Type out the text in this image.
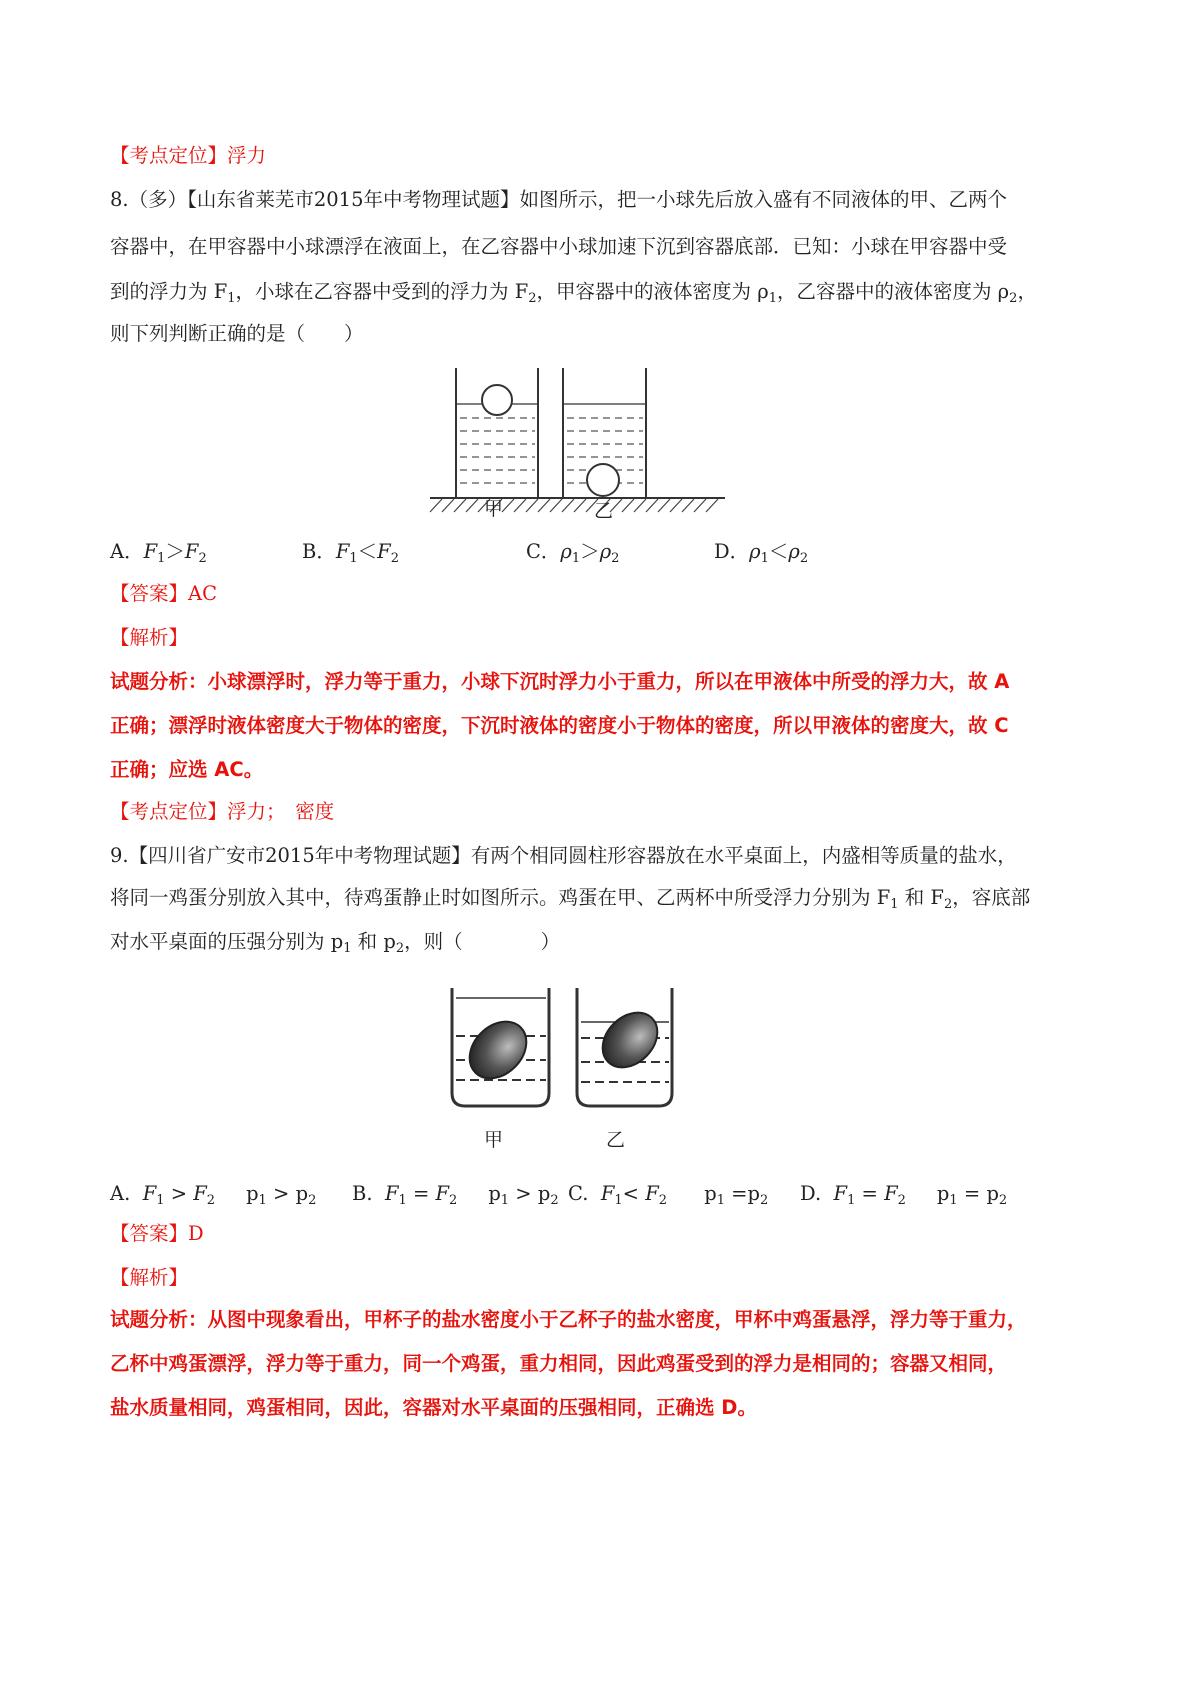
【考点定位】浮力
8.（多）【山东省莱芜市2015年中考物理试题】如图所示，把一小球先后放入盛有不同液体的甲、乙两个
容器中，在甲容器中小球漂浮在液面上，在乙容器中小球加速下沉到容器底部．已知：小球在甲容器中受
到的浮力为 $F_1$，小球在乙容器中受到的浮力为 $F_2$，甲容器中的液体密度为 $\rho_1$，乙容器中的液体密度为 $\rho_2$，
则下列判断正确的是（　　）
甲	乙
A．$F_1>F_2$	B．$F_1<F_2$	C．$\rho_1>\rho_2$	D．$\rho_1<\rho_2$
【答案】AC
【解析】
试题分析：小球漂浮时，浮力等于重力，小球下沉时浮力小于重力，所以在甲液体中所受的浮力大，故 A
正确；漂浮时液体密度大于物体的密度，下沉时液体的密度小于物体的密度，所以甲液体的密度大，故 C
正确；应选 AC。
【考点定位】浮力；　密度
9.【四川省广安市2015年中考物理试题】有两个相同圆柱形容器放在水平桌面上，内盛相等质量的盐水，
将同一鸡蛋分别放入其中，待鸡蛋静止时如图所示。鸡蛋在甲、乙两杯中所受浮力分别为 $F_1$ 和 $F_2$，容底部
对水平桌面的压强分别为 $p_1$ 和 $p_2$，则（　　　　）
甲	乙
A. $F_1 > F_2$ $p_1 > p_2$ B. $F_1 = F_2$ $p_1 > p_2$ C. $F_1< F_2$ $p_1 =p_2$ D. $F_1 = F_2$ $p_1 = p_2$
【答案】D
【解析】
试题分析：从图中现象看出，甲杯子的盐水密度小于乙杯子的盐水密度，甲杯中鸡蛋悬浮，浮力等于重力，
乙杯中鸡蛋漂浮，浮力等于重力，同一个鸡蛋，重力相同，因此鸡蛋受到的浮力是相同的；容器又相同，
盐水质量相同，鸡蛋相同，因此，容器对水平桌面的压强相同，正确选 D。
